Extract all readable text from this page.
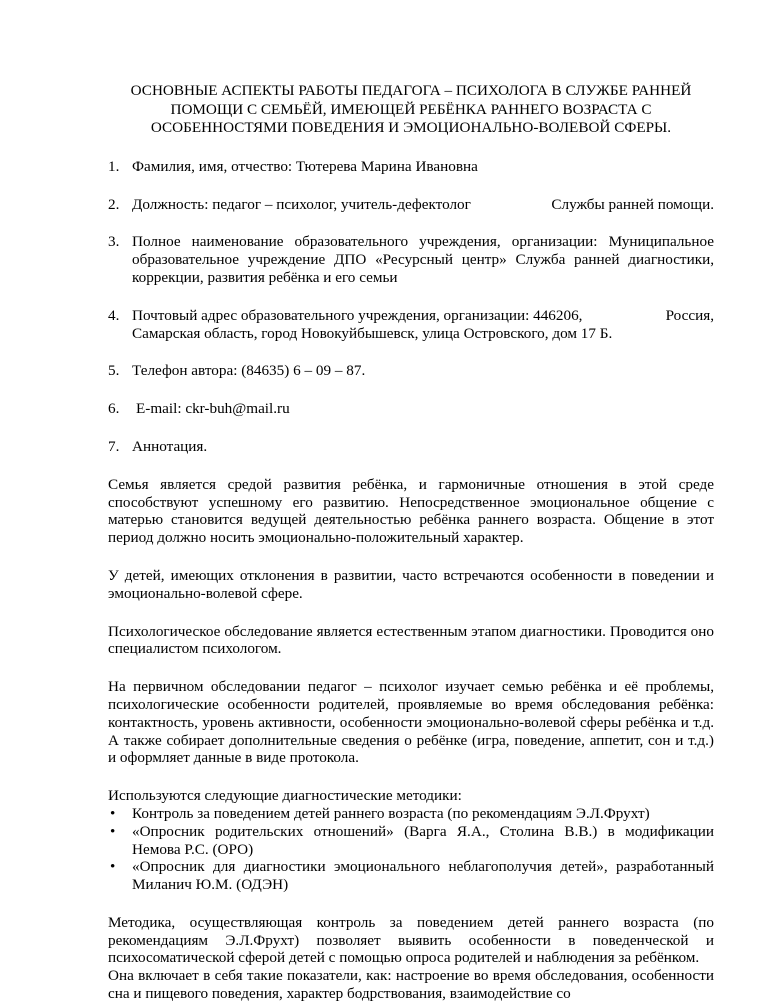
ОСНОВНЫЕ АСПЕКТЫ РАБОТЫ ПЕДАГОГА – ПСИХОЛОГА В СЛУЖБЕ РАННЕЙ ПОМОЩИ С СЕМЬЁЙ, ИМЕЮЩЕЙ РЕБЁНКА РАННЕГО ВОЗРАСТА С ОСОБЕННОСТЯМИ ПОВЕДЕНИЯ И ЭМОЦИОНАЛЬНО-ВОЛЕВОЙ СФЕРЫ.
1. Фамилия, имя, отчество: Тютерева Марина Ивановна
2. Должность: педагог – психолог, учитель-дефектолог	Службы ранней помощи.
3. Полное наименование образовательного учреждения, организации: Муниципальное образовательное учреждение ДПО «Ресурсный центр» Служба ранней диагностики, коррекции, развития ребёнка и его семьи
4. Почтовый адрес образовательного учреждения, организации: 446206,	Россия,
Самарская область, город Новокуйбышевск, улица Островского, дом 17 Б.
5. Телефон автора: (84635) 6 – 09 – 87.
6.	E-mail: ckr-buh@mail.ru
7. Аннотация.

Семья является средой развития ребёнка, и гармоничные отношения в этой среде способствуют успешному его развитию. Непосредственное эмоциональное общение с матерью становится ведущей деятельностью ребёнка раннего возраста. Общение в этот период должно носить эмоционально-положительный характер.

У детей, имеющих отклонения в развитии, часто встречаются особенности в поведении и эмоционально-волевой сфере.

Психологическое обследование является естественным этапом диагностики. Проводится оно специалистом психологом.

На первичном обследовании педагог – психолог изучает семью ребёнка и её проблемы, психологические особенности родителей, проявляемые во время обследования ребёнка: контактность, уровень активности, особенности эмоционально-волевой сферы ребёнка и т.д. А также собирает дополнительные сведения о ребёнке (игра, поведение, аппетит, сон и т.д.) и оформляет данные в виде протокола.

Используются следующие диагностические методики:

•	Контроль за поведением детей раннего возраста (по рекомендациям Э.Л.Фрухт)
•	«Опросник родительских отношений» (Варга Я.А., Столина В.В.) в модификации Немова Р.С. (ОРО)
•	«Опросник для диагностики эмоционального неблагополучия детей», разработанный Миланич Ю.М. (ОДЭН)

Методика, осуществляющая контроль за поведением детей раннего возраста (по рекомендациям Э.Л.Фрухт) позволяет выявить особенности в поведенческой и психосоматической сферой детей с помощью опроса родителей и наблюдения за ребёнком.

Она включает в себя такие показатели, как: настроение во время обследования, особенности сна и пищевого поведения, характер бодрствования, взаимодействие со
